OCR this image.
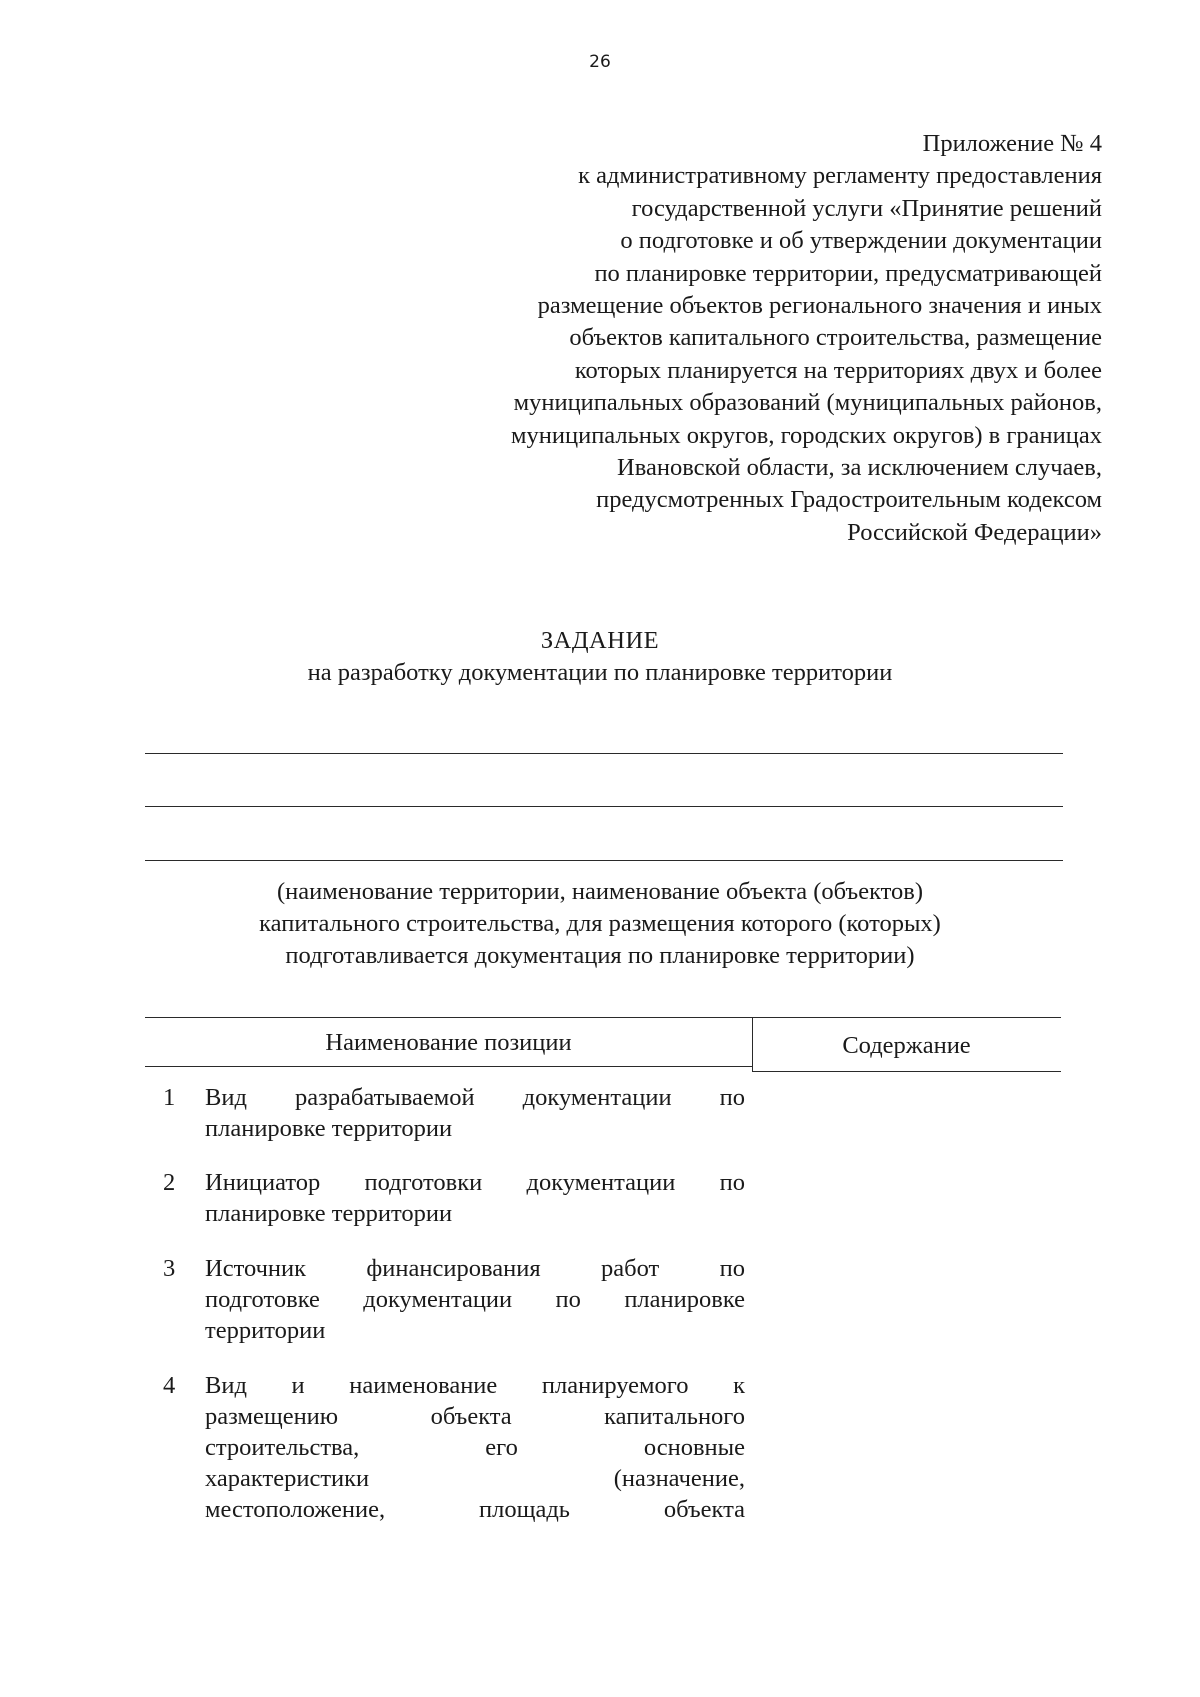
26
Приложение № 4
к административному регламенту предоставления
государственной услуги «Принятие решений
о подготовке и об утверждении документации
по планировке территории, предусматривающей
размещение объектов регионального значения и иных
объектов капитального строительства, размещение
которых планируется на территориях двух и более
муниципальных образований (муниципальных районов,
муниципальных округов, городских округов) в границах
Ивановской области, за исключением случаев,
предусмотренных Градостроительным кодексом
Российской Федерации»
ЗАДАНИЕ
на разработку документации по планировке территории
(наименование территории, наименование объекта (объектов)
капитального строительства, для размещения которого (которых)
подготавливается документация по планировке территории)
Наименование позиции	Содержание
1 Вид разрабатываемой документации по
планировке территории
2 Инициатор подготовки документации по
планировке территории
3 Источник финансирования работ по
подготовке документации по планировке
территории
4 Вид и наименование планируемого к
размещению объекта капитального
строительства, его основные
характеристики (назначение,
местоположение, площадь объекта
